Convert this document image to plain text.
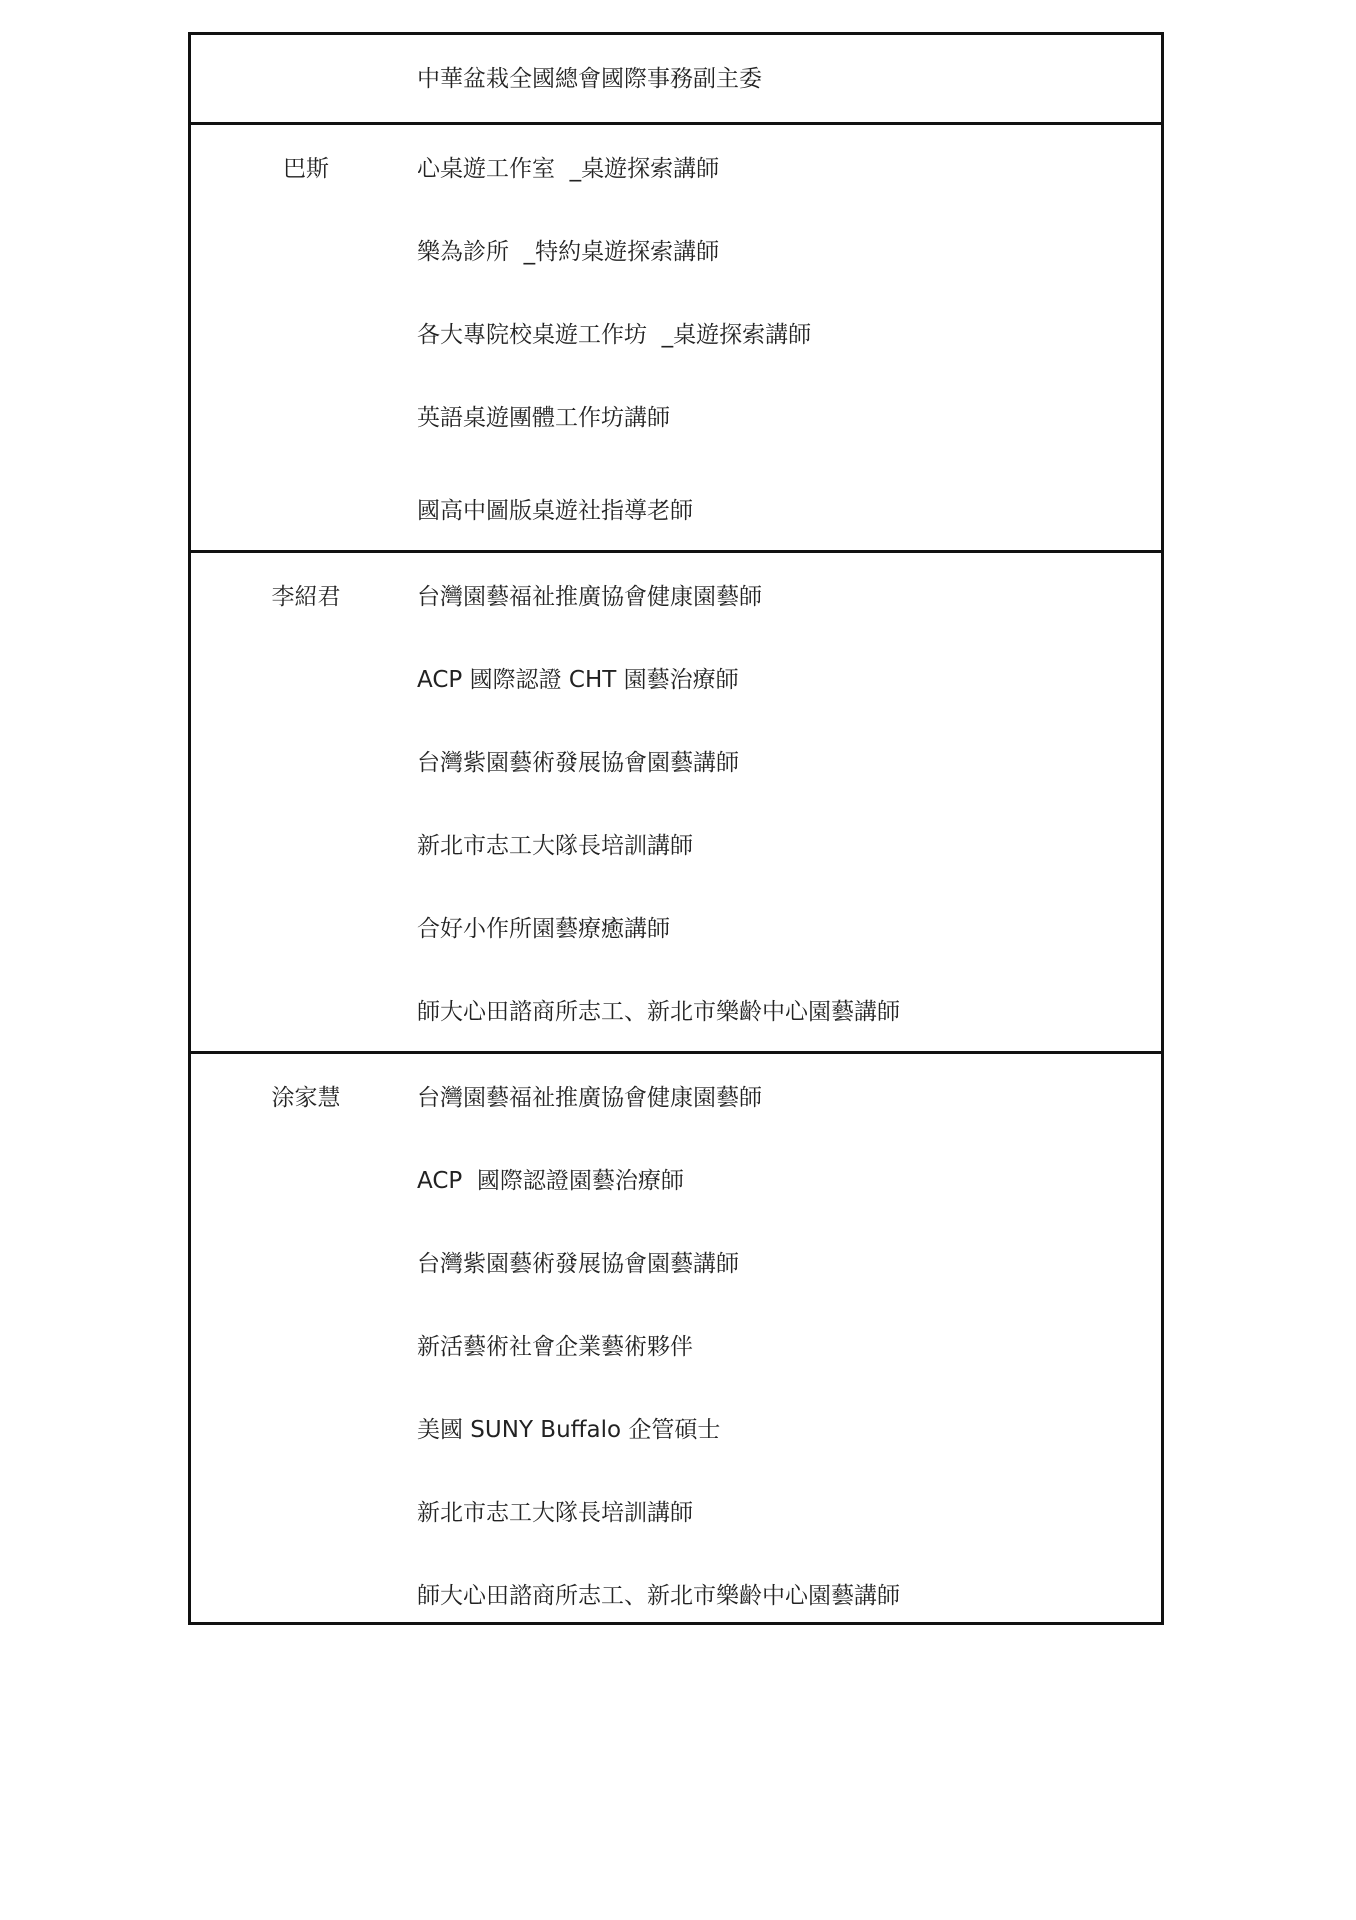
中華盆栽全國總會國際事務副主委
巴斯	心桌遊工作室  _桌遊探索講師
樂為診所  _特約桌遊探索講師
各大專院校桌遊工作坊  _桌遊探索講師
英語桌遊團體工作坊講師
國高中圖版桌遊社指導老師
李紹君	台灣園藝福祉推廣協會健康園藝師
ACP 國際認證 CHT 園藝治療師
台灣紫園藝術發展協會園藝講師
新北市志工大隊長培訓講師
合好小作所園藝療癒講師
師大心田諮商所志工、新北市樂齡中心園藝講師
涂家慧	台灣園藝福祉推廣協會健康園藝師
ACP  國際認證園藝治療師
台灣紫園藝術發展協會園藝講師
新活藝術社會企業藝術夥伴
美國 SUNY Buffalo 企管碩士
新北市志工大隊長培訓講師
師大心田諮商所志工、新北市樂齡中心園藝講師
